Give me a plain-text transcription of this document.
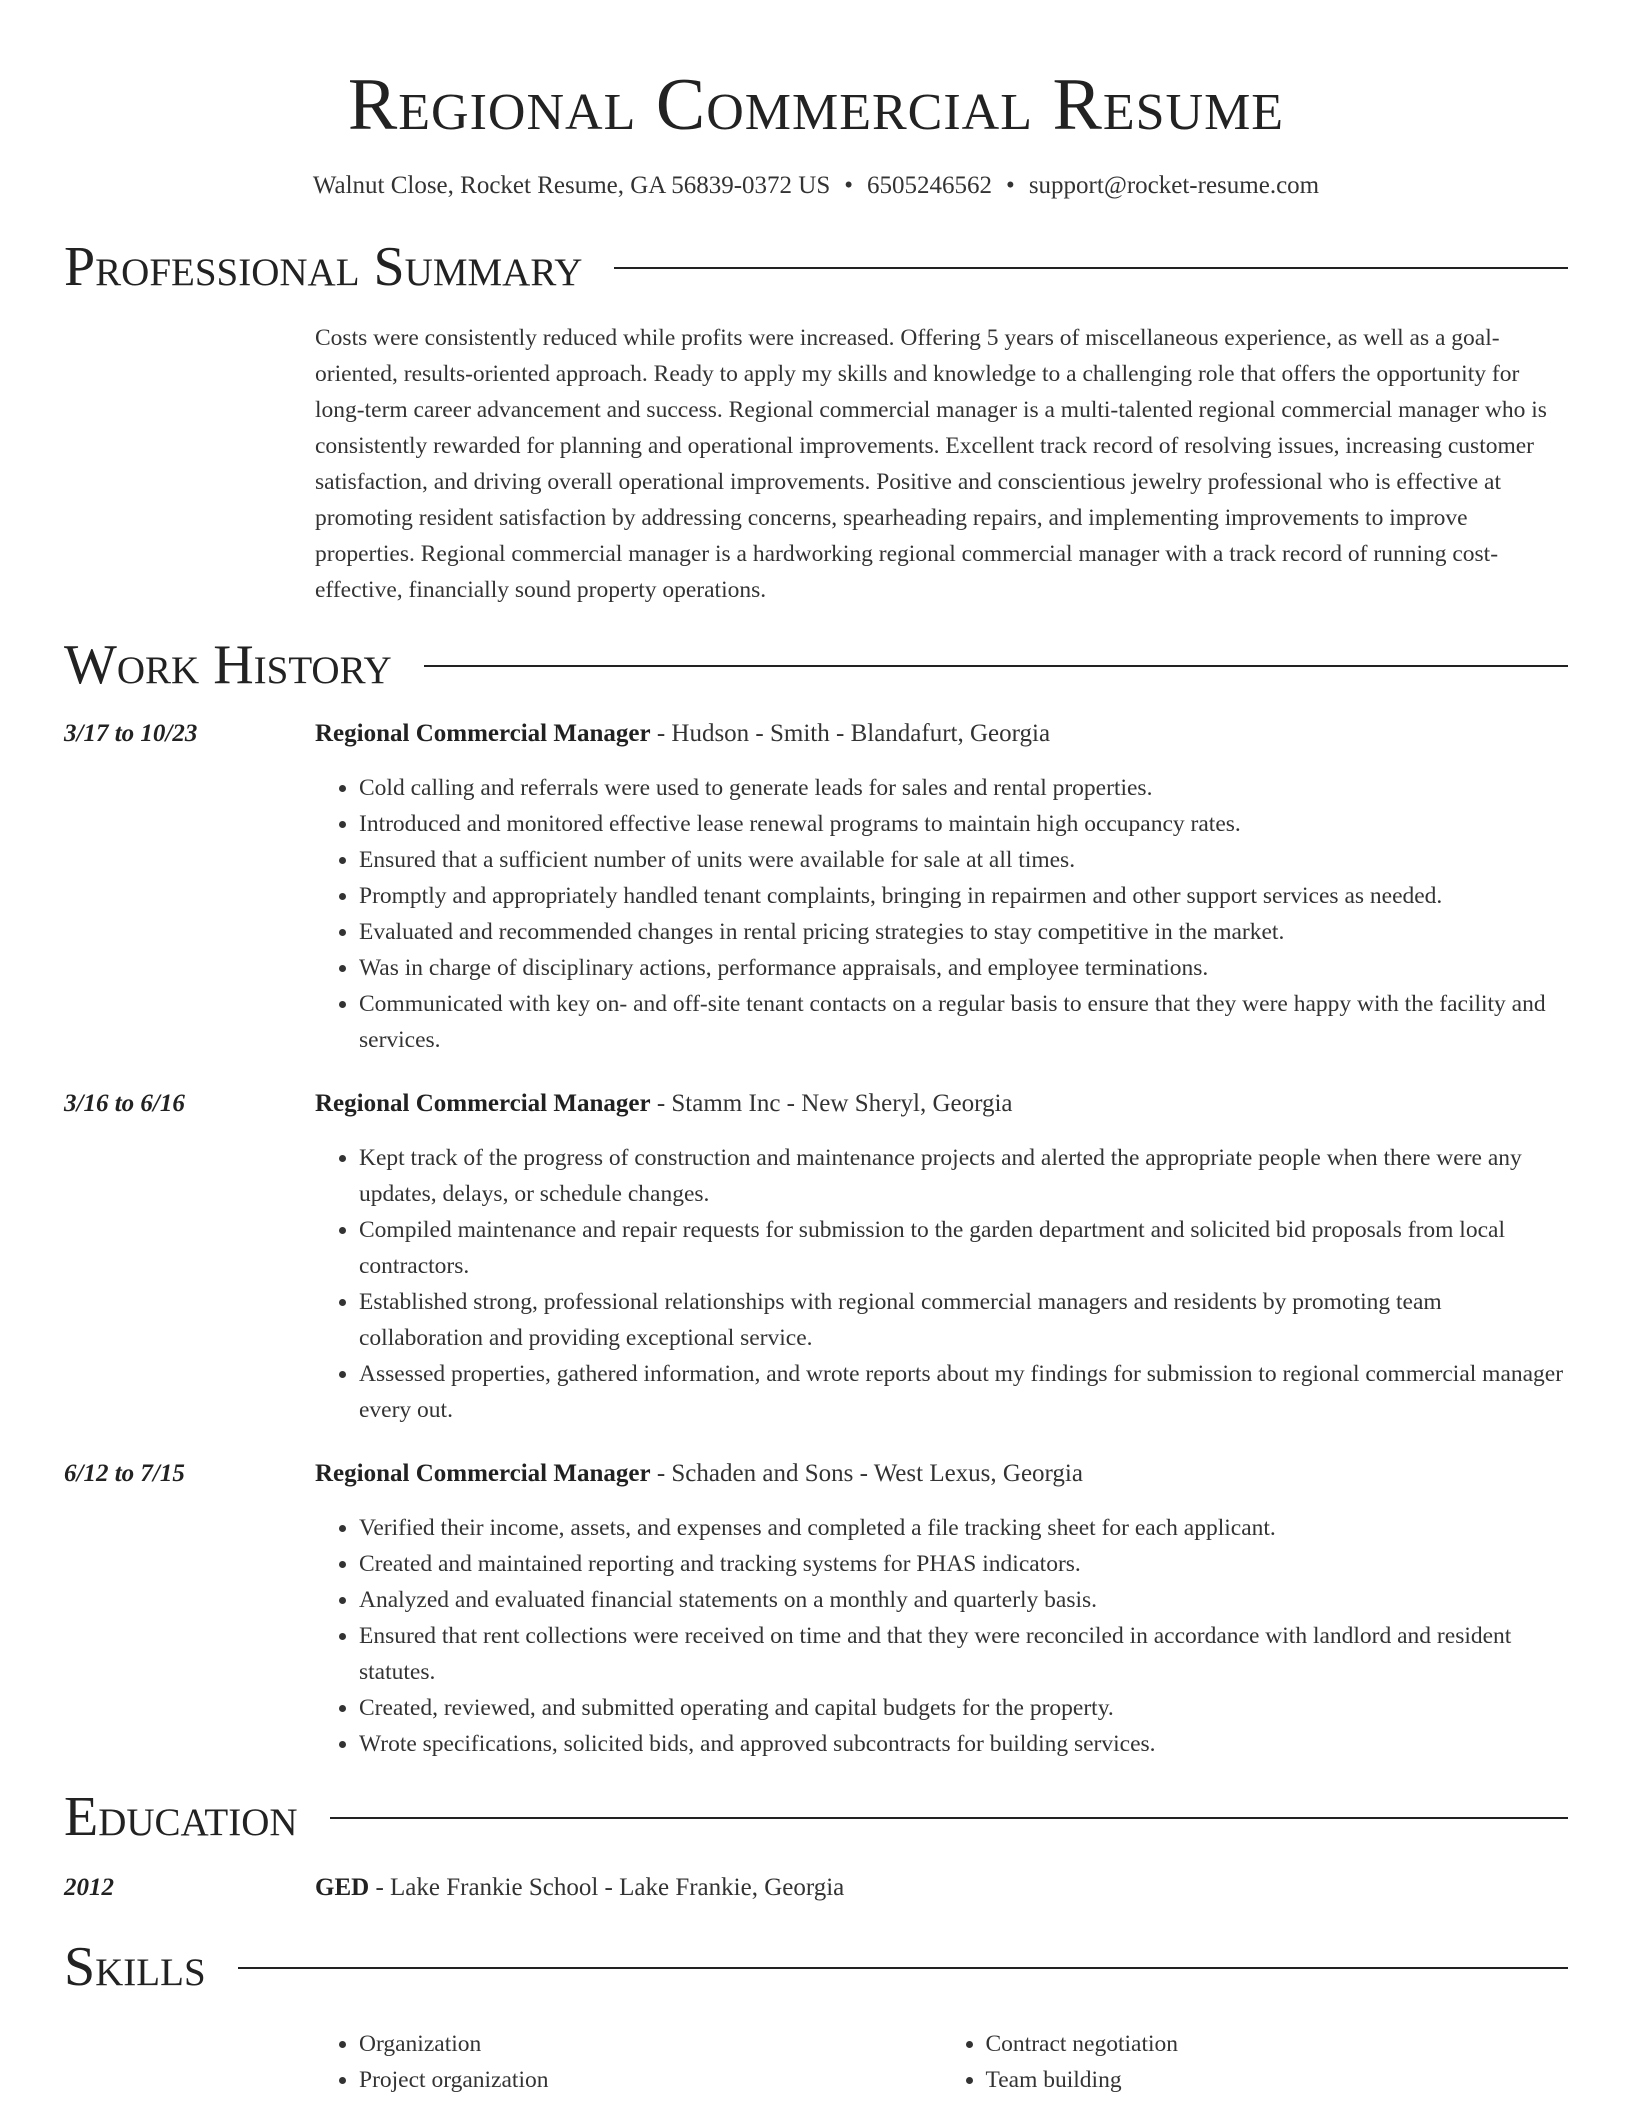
Regional Commercial Resume
Walnut Close, Rocket Resume, GA 56839-0372 US • 6505246562 • support@rocket-resume.com
Professional Summary
Costs were consistently reduced while profits were increased. Offering 5 years of miscellaneous experience, as well as a goal-oriented, results-oriented approach. Ready to apply my skills and knowledge to a challenging role that offers the opportunity for long-term career advancement and success. Regional commercial manager is a multi-talented regional commercial manager who is consistently rewarded for planning and operational improvements. Excellent track record of resolving issues, increasing customer satisfaction, and driving overall operational improvements. Positive and conscientious jewelry professional who is effective at promoting resident satisfaction by addressing concerns, spearheading repairs, and implementing improvements to improve properties. Regional commercial manager is a hardworking regional commercial manager with a track record of running cost-effective, financially sound property operations.
Work History
3/17 to 10/23	Regional Commercial Manager - Hudson - Smith - Blandafurt, Georgia
• Cold calling and referrals were used to generate leads for sales and rental properties.
• Introduced and monitored effective lease renewal programs to maintain high occupancy rates.
• Ensured that a sufficient number of units were available for sale at all times.
• Promptly and appropriately handled tenant complaints, bringing in repairmen and other support services as needed.
• Evaluated and recommended changes in rental pricing strategies to stay competitive in the market.
• Was in charge of disciplinary actions, performance appraisals, and employee terminations.
• Communicated with key on- and off-site tenant contacts on a regular basis to ensure that they were happy with the facility and services.
3/16 to 6/16	Regional Commercial Manager - Stamm Inc - New Sheryl, Georgia
• Kept track of the progress of construction and maintenance projects and alerted the appropriate people when there were any updates, delays, or schedule changes.
• Compiled maintenance and repair requests for submission to the garden department and solicited bid proposals from local contractors.
• Established strong, professional relationships with regional commercial managers and residents by promoting team collaboration and providing exceptional service.
• Assessed properties, gathered information, and wrote reports about my findings for submission to regional commercial manager every out.
6/12 to 7/15	Regional Commercial Manager - Schaden and Sons - West Lexus, Georgia
• Verified their income, assets, and expenses and completed a file tracking sheet for each applicant.
• Created and maintained reporting and tracking systems for PHAS indicators.
• Analyzed and evaluated financial statements on a monthly and quarterly basis.
• Ensured that rent collections were received on time and that they were reconciled in accordance with landlord and resident statutes.
• Created, reviewed, and submitted operating and capital budgets for the property.
• Wrote specifications, solicited bids, and approved subcontracts for building services.
Education
2012	GED - Lake Frankie School - Lake Frankie, Georgia
Skills
• Organization
• Project organization
• Contract negotiation
• Team building
